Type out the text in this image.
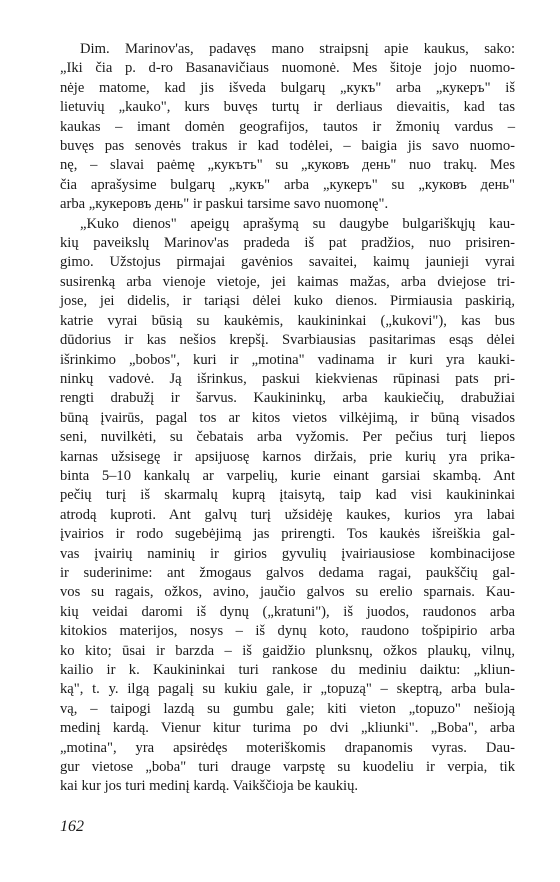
Dim. Marinov'as, padavęs mano straipsnį apie kaukus, sako:
„Iki čia p. d-ro Basanavičiaus nuomonė. Mes šitoje jojo nuomo-
nėje matome, kad jis išveda bulgarų „кукъ" arba „кукеръ" iš
lietuvių „kauko", kurs buvęs turtų ir derliaus dievaitis, kad tas
kaukas – imant domėn geografijos, tautos ir žmonių vardus –
buvęs pas senovės trakus ir kad todėlei, – baigia jis savo nuomo-
nę, – slavai paėmę „кукътъ" su „куковъ день" nuo trakų. Mes
čia aprašysime bulgarų „кукъ" arba „кукеръ" su „куковъ день"
arba „кукеровъ день" ir paskui tarsime savo nuomonę".

„Kuko dienos" apeigų aprašymą su daugybe bulgariškųjų kau-
kių paveikslų Marinov'as pradeda iš pat pradžios, nuo prisiren-
gimo. Užstojus pirmajai gavėnios savaitei, kaimų jaunieji vyrai
susirenką arba vienoje vietoje, jei kaimas mažas, arba dviejose tri-
jose, jei didelis, ir tariąsi dėlei kuko dienos. Pirmiausia paskirią,
katrie vyrai būsią su kaukėmis, kaukininkai („kukovi"), kas bus
dūdorius ir kas nešios krepšį. Svarbiausias pasitarimas esąs dėlei
išrinkimo „bobos", kuri ir „motina" vadinama ir kuri yra kauki-
ninkų vadovė. Ją išrinkus, paskui kiekvienas rūpinasi pats pri-
rengti drabužį ir šarvus. Kaukininkų, arba kaukiečių, drabužiai
būną įvairūs, pagal tos ar kitos vietos vilkėjimą, ir būną visados
seni, nuvilkėti, su čebatais arba vyžomis. Per pečius turį liepos
karnas užsisegę ir apsijuosę karnos diržais, prie kurių yra prika-
binta 5–10 kankalų ar varpelių, kurie einant garsiai skambą. Ant
pečių turį iš skarmalų kuprą įtaisytą, taip kad visi kaukininkai
atrodą kuproti. Ant galvų turį užsidėję kaukes, kurios yra labai
įvairios ir rodo sugebėjimą jas prirengti. Tos kaukės išreiškia gal-
vas įvairių naminių ir girios gyvulių įvairiausiose kombinacijose
ir suderinime: ant žmogaus galvos dedama ragai, paukščių gal-
vos su ragais, ožkos, avino, jaučio galvos su erelio sparnais. Kau-
kių veidai daromi iš dynų („kratuni"), iš juodos, raudonos arba
kitokios materijos, nosys – iš dynų koto, raudono tošpipirio arba
ko kito; ūsai ir barzda – iš gaidžio plunksnų, ožkos plaukų, vilnų,
kailio ir k. Kaukininkai turi rankose du mediniu daiktu: „kliun-
ką", t. y. ilgą pagalį su kukiu gale, ir „topuzą" – skeptrą, arba bula-
vą, – taipogi lazdą su gumbu gale; kiti vieton „topuzo" nešioją
medinį kardą. Vienur kitur turima po dvi „kliunki". „Boba", arba
„motina", yra apsirėdęs moteriškomis drapanomis vyras. Dau-
gur vietose „boba" turi drauge varpstę su kuodeliu ir verpia, tik
kai kur jos turi medinį kardą. Vaikščioja be kaukių.

162
